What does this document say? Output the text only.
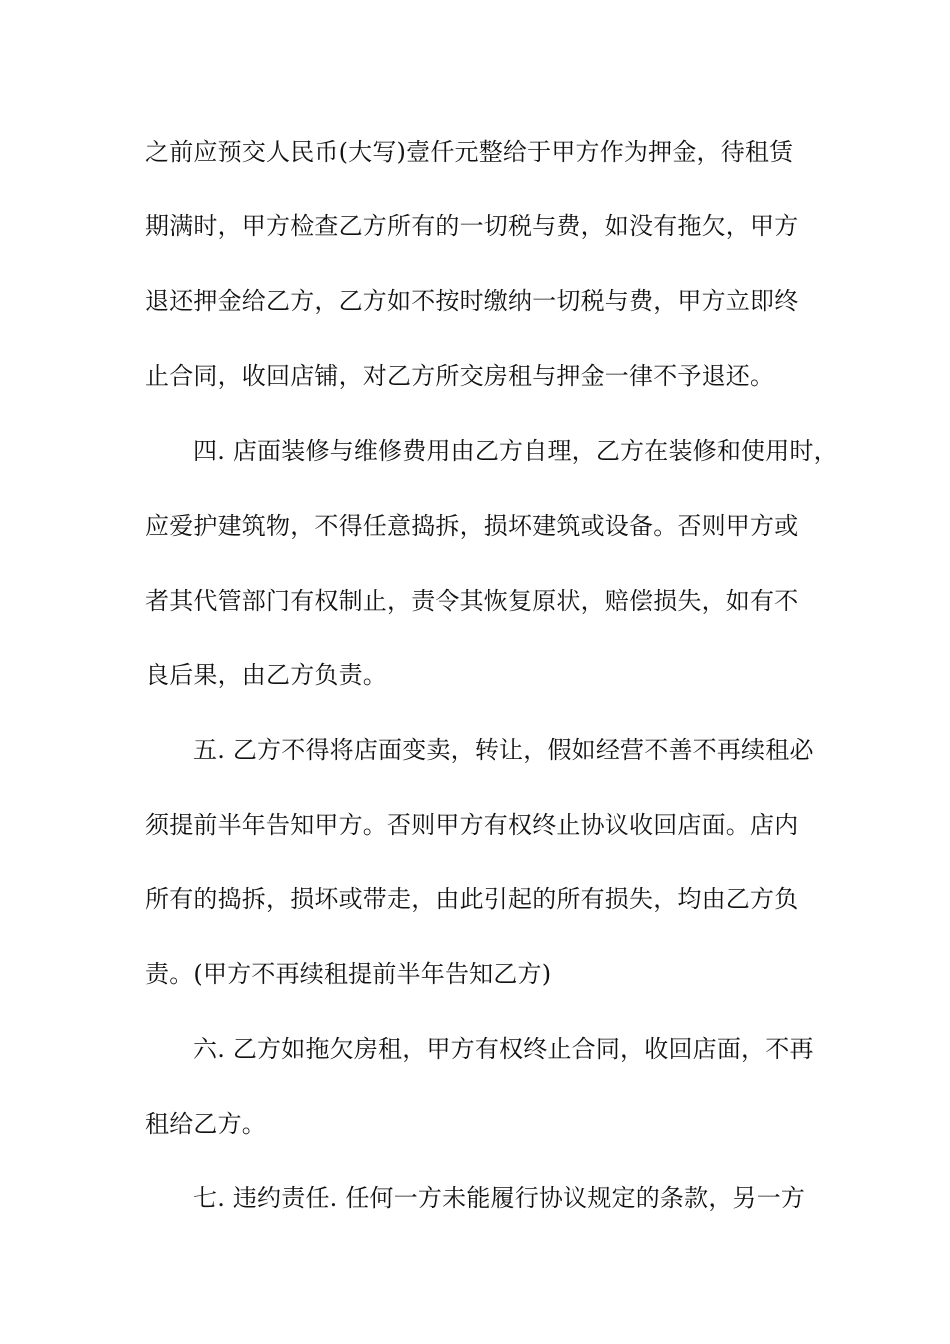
之前应预交人民币(大写)壹仟元整给于甲方作为押金，待租赁
期满时，甲方检查乙方所有的一切税与费，如没有拖欠，甲方
退还押金给乙方，乙方如不按时缴纳一切税与费，甲方立即终
止合同，收回店铺，对乙方所交房租与押金一律不予退还。
四. 店面装修与维修费用由乙方自理，乙方在装修和使用时，
应爱护建筑物，不得任意捣拆，损坏建筑或设备。否则甲方或
者其代管部门有权制止，责令其恢复原状，赔偿损失，如有不
良后果，由乙方负责。
五. 乙方不得将店面变卖，转让，假如经营不善不再续租必
须提前半年告知甲方。否则甲方有权终止协议收回店面。店内
所有的捣拆，损坏或带走，由此引起的所有损失，均由乙方负
责。(甲方不再续租提前半年告知乙方)
六. 乙方如拖欠房租，甲方有权终止合同，收回店面，不再
租给乙方。
七. 违约责任. 任何一方未能履行协议规定的条款，另一方
